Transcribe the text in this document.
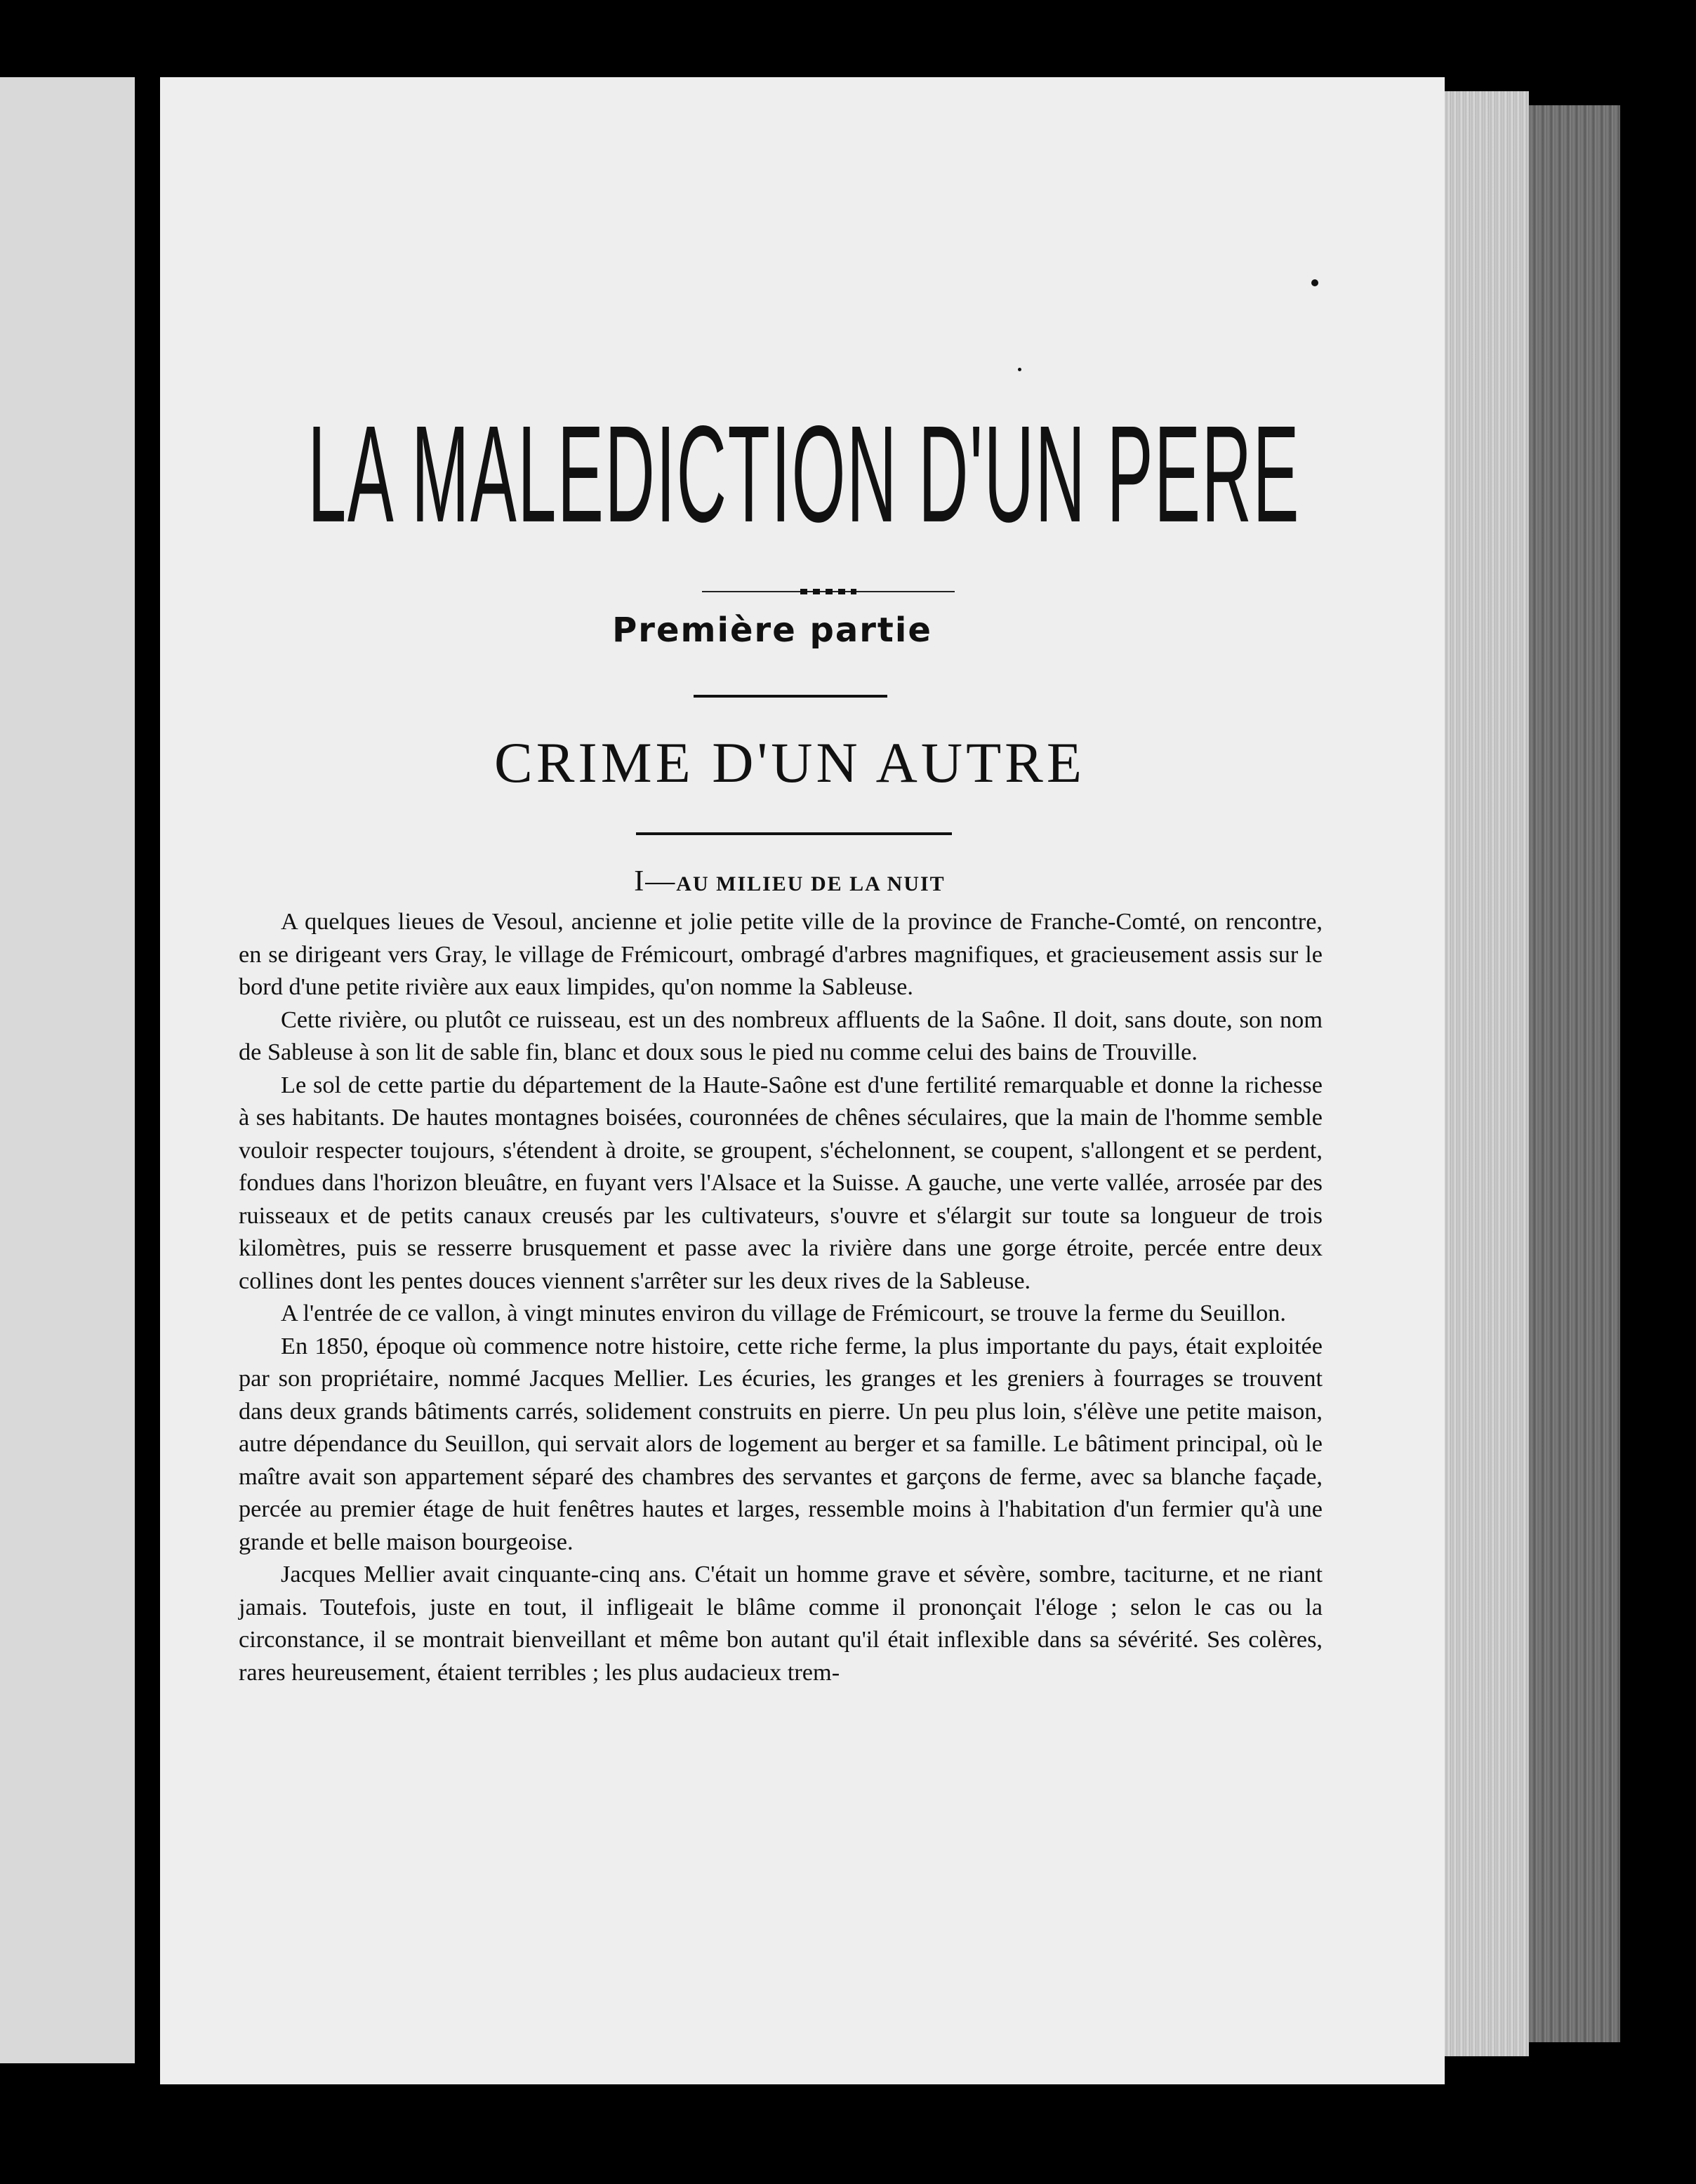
LA MALEDICTION D'UN PERE
Première partie
CRIME D'UN AUTRE
I—AU MILIEU DE LA NUIT

A quelques lieues de Vesoul, ancienne et jolie petite ville de la province de Franche-Comté, on rencontre, en se dirigeant vers Gray, le village de Frémicourt, ombragé d'arbres magnifiques, et gracieusement assis sur le bord d'une petite rivière aux eaux limpides, qu'on nomme la Sableuse.

Cette rivière, ou plutôt ce ruisseau, est un des nombreux affluents de la Saône. Il doit, sans doute, son nom de Sableuse à son lit de sable fin, blanc et doux sous le pied nu comme celui des bains de Trouville.

Le sol de cette partie du département de la Haute-Saône est d'une fertilité remarquable et donne la richesse à ses habitants. De hautes montagnes boisées, couronnées de chênes séculaires, que la main de l'homme semble vouloir respecter toujours, s'étendent à droite, se groupent, s'échelonnent, se coupent, s'allongent et se perdent, fondues dans l'horizon bleuâtre, en fuyant vers l'Alsace et la Suisse. A gauche, une verte vallée, arrosée par des ruisseaux et de petits canaux creusés par les cultivateurs, s'ouvre et s'élargit sur toute sa longueur de trois kilomètres, puis se resserre brusquement et passe avec la rivière dans une gorge étroite, percée entre deux collines dont les pentes douces viennent s'arrêter sur les deux rives de la Sableuse.

A l'entrée de ce vallon, à vingt minutes environ du village de Frémicourt, se trouve la ferme du Seuillon.

En 1850, époque où commence notre histoire, cette riche ferme, la plus importante du pays, était exploitée par son propriétaire, nommé Jacques Mellier. Les écuries, les granges et les greniers à fourrages se trouvent dans deux grands bâtiments carrés, solidement construits en pierre. Un peu plus loin, s'élève une petite maison, autre dépendance du Seuillon, qui servait alors de logement au berger et sa famille. Le bâtiment principal, où le maître avait son appartement séparé des chambres des servantes et garçons de ferme, avec sa blanche façade, percée au premier étage de huit fenêtres hautes et larges, ressemble moins à l'habitation d'un fermier qu'à une grande et belle maison bourgeoise.

Jacques Mellier avait cinquante-cinq ans. C'était un homme grave et sévère, sombre, taciturne, et ne riant jamais. Toutefois, juste en tout, il infligeait le blâme comme il prononçait l'éloge ; selon le cas ou la circonstance, il se montrait bienveillant et même bon autant qu'il était inflexible dans sa sévérité. Ses colères, rares heureusement, étaient terribles ; les plus audacieux trem-
